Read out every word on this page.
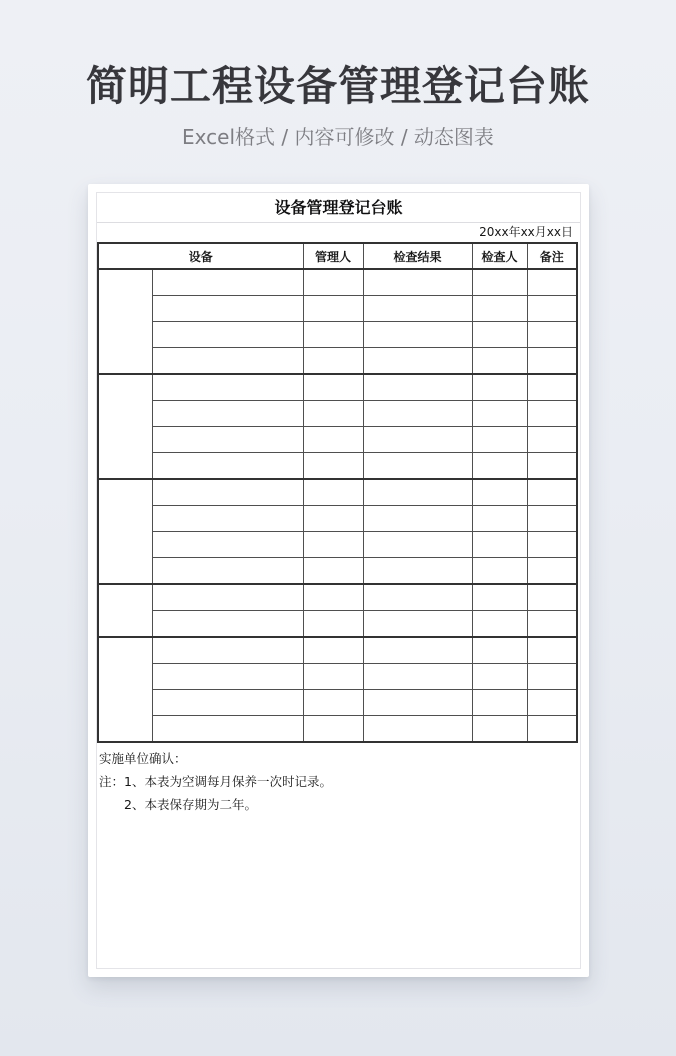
简明工程设备管理登记台账

Excel格式 / 内容可修改 / 动态图表

设备管理登记台账
20xx年xx月xx日
设备		管理人	检查结果	检查人	备注

实施单位确认：
注：1、本表为空调每月保养一次时记录。
2、本表保存期为二年。
